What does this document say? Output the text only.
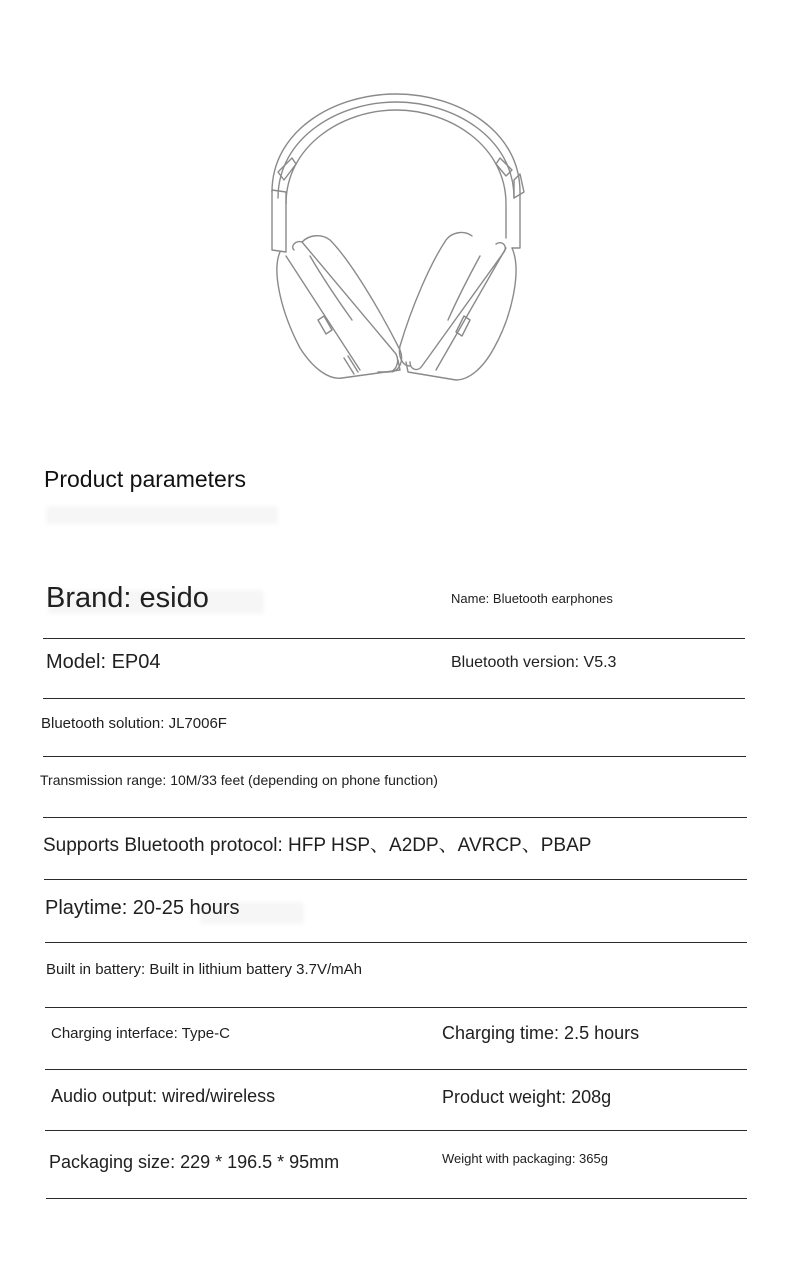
Product parameters
Brand: esido	Name: Bluetooth earphones
Model: EP04	Bluetooth version: V5.3
Bluetooth solution: JL7006F
Transmission range: 10M/33 feet (depending on phone function)
Supports Bluetooth protocol: HFP HSP、A2DP、AVRCP、PBAP
Playtime: 20-25 hours
Built in battery: Built in lithium battery 3.7V/mAh
Charging interface: Type-C	Charging time: 2.5 hours
Audio output: wired/wireless	Product weight: 208g
Packaging size: 229 * 196.5 * 95mm	Weight with packaging: 365g
